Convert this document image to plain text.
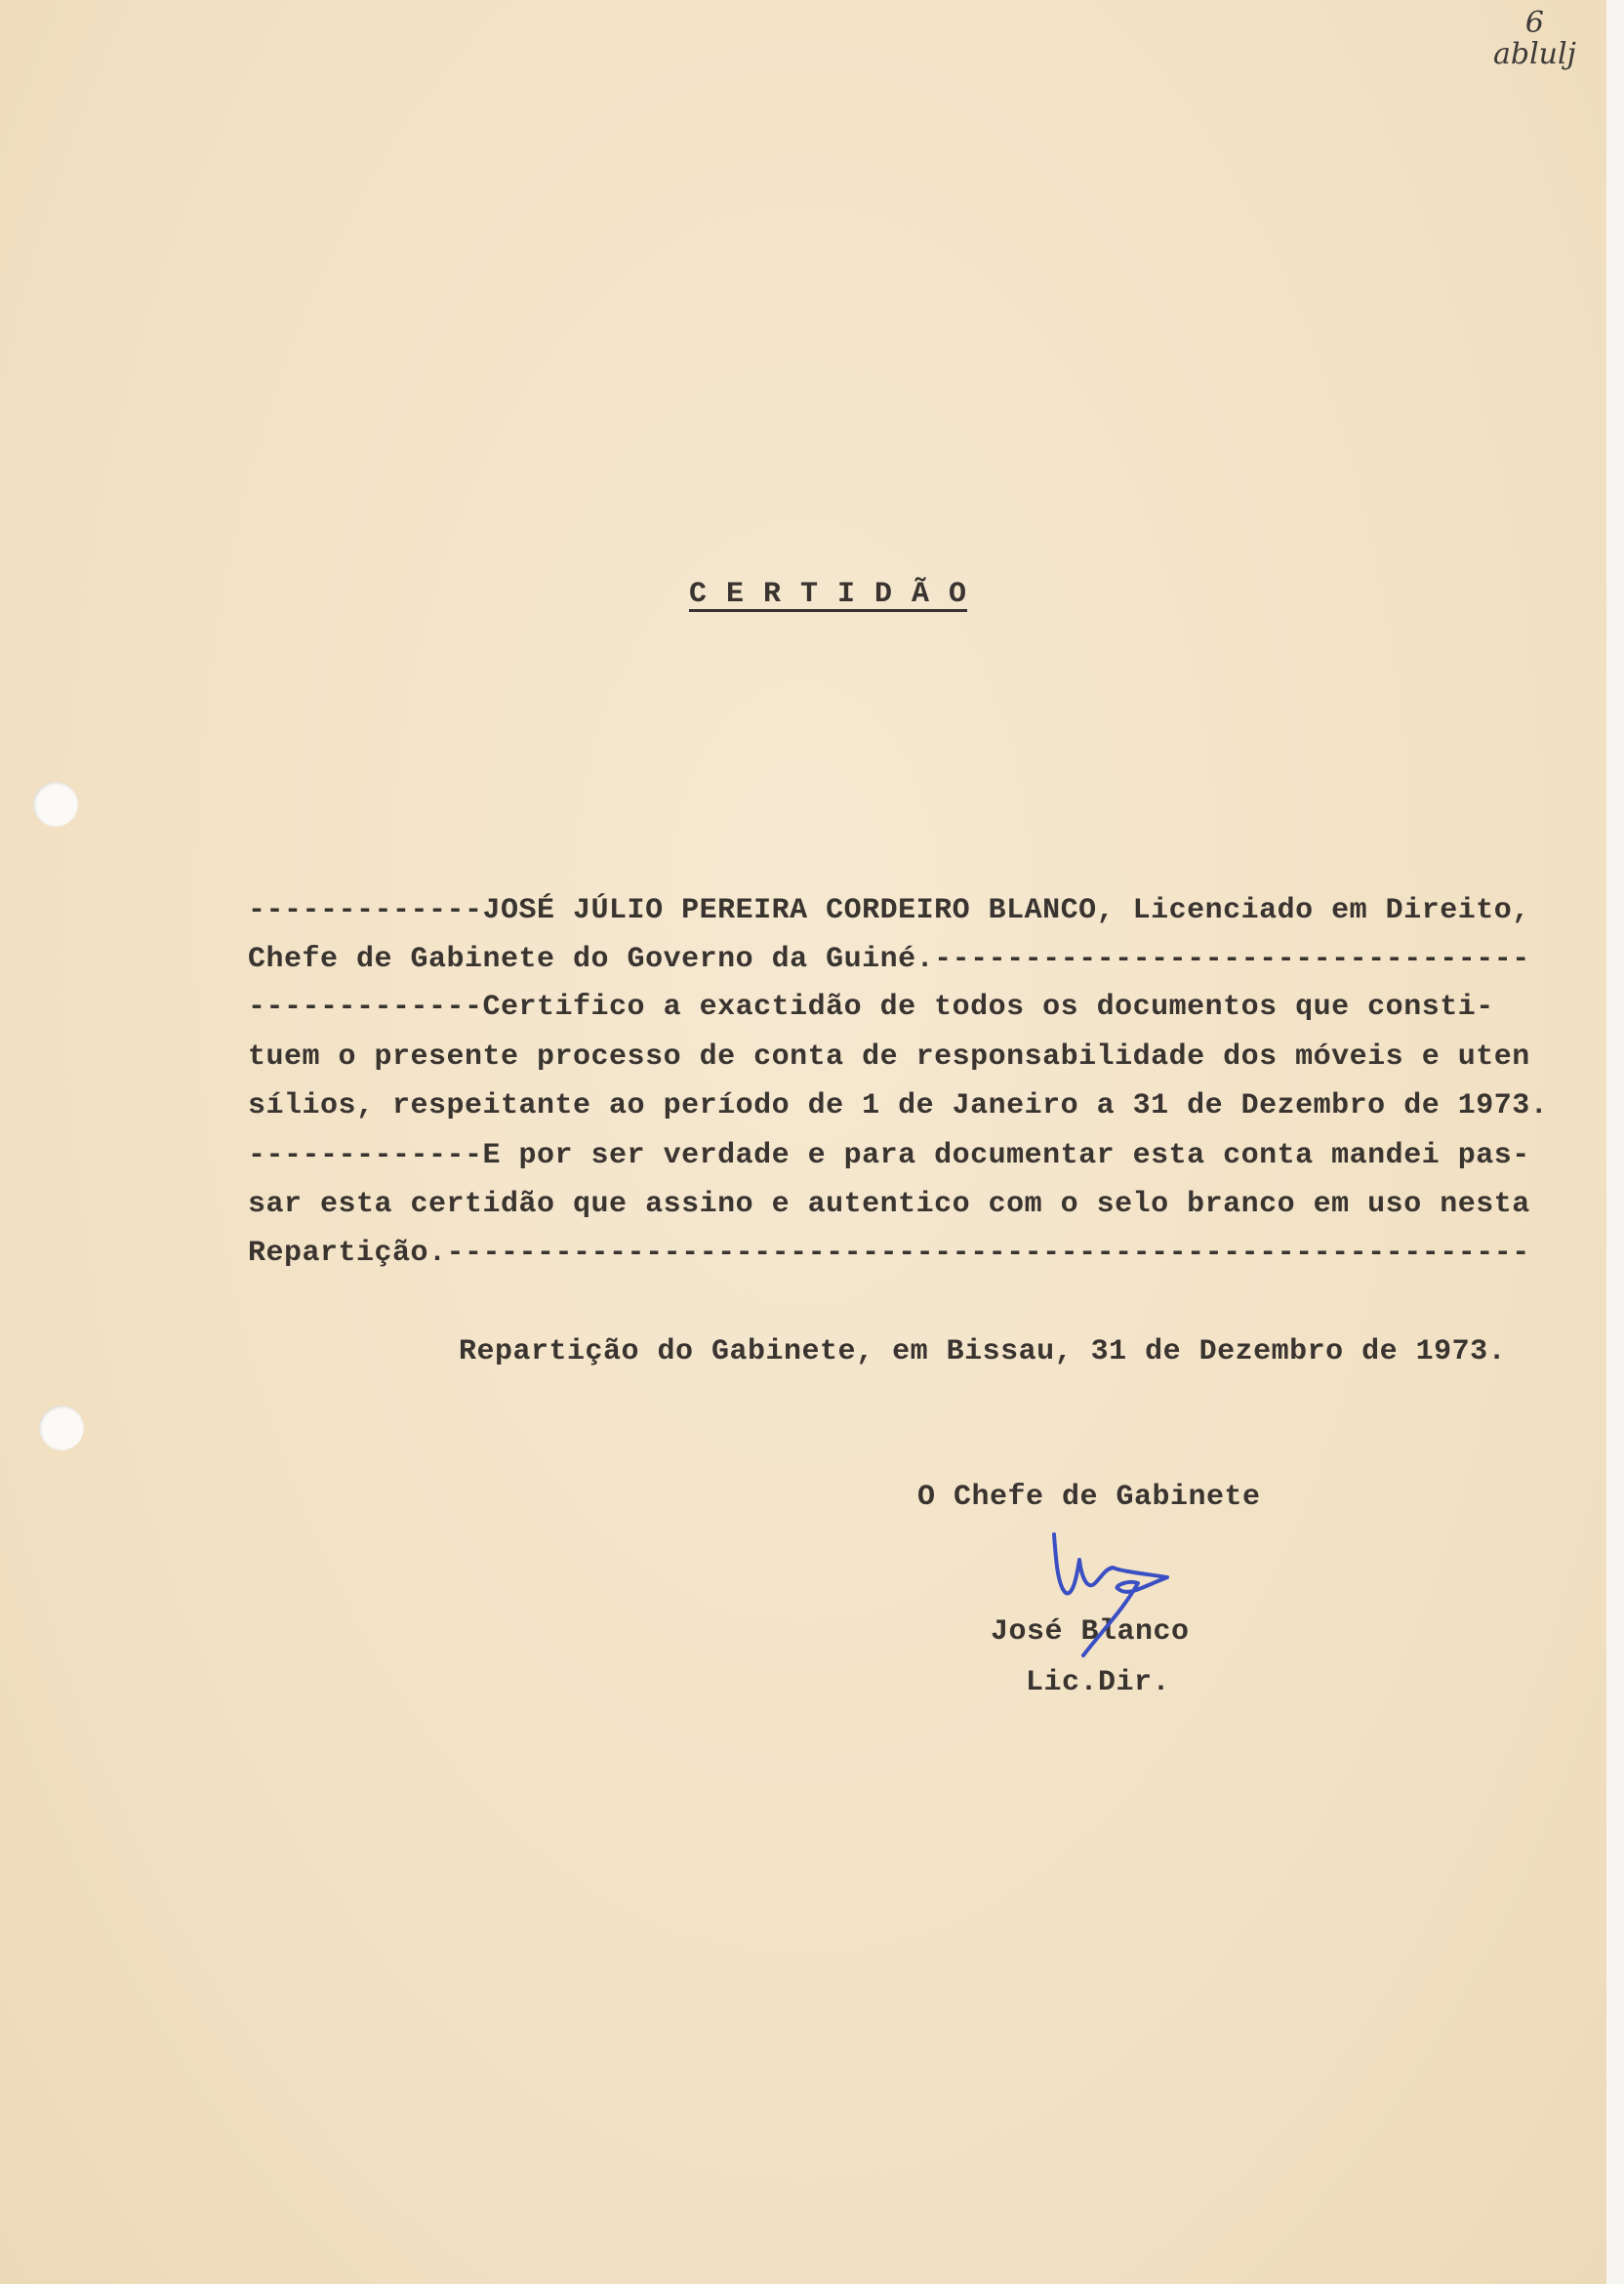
6
ablulj
C E R T I D Ã O
-------------JOSÉ JÚLIO PEREIRA CORDEIRO BLANCO, Licenciado em Direito,
Chefe de Gabinete do Governo da Guiné.---------------------------------
-------------Certifico a exactidão de todos os documentos que consti-
tuem o presente processo de conta de responsabilidade dos móveis e uten
sílios, respeitante ao período de 1 de Janeiro a 31 de Dezembro de 1973.
-------------E por ser verdade e para documentar esta conta mandei pas-
sar esta certidão que assino e autentico com o selo branco em uso nesta
Repartição.------------------------------------------------------------
Repartição do Gabinete, em Bissau, 31 de Dezembro de 1973.
O Chefe de Gabinete
José Blanco
Lic.Dir.
